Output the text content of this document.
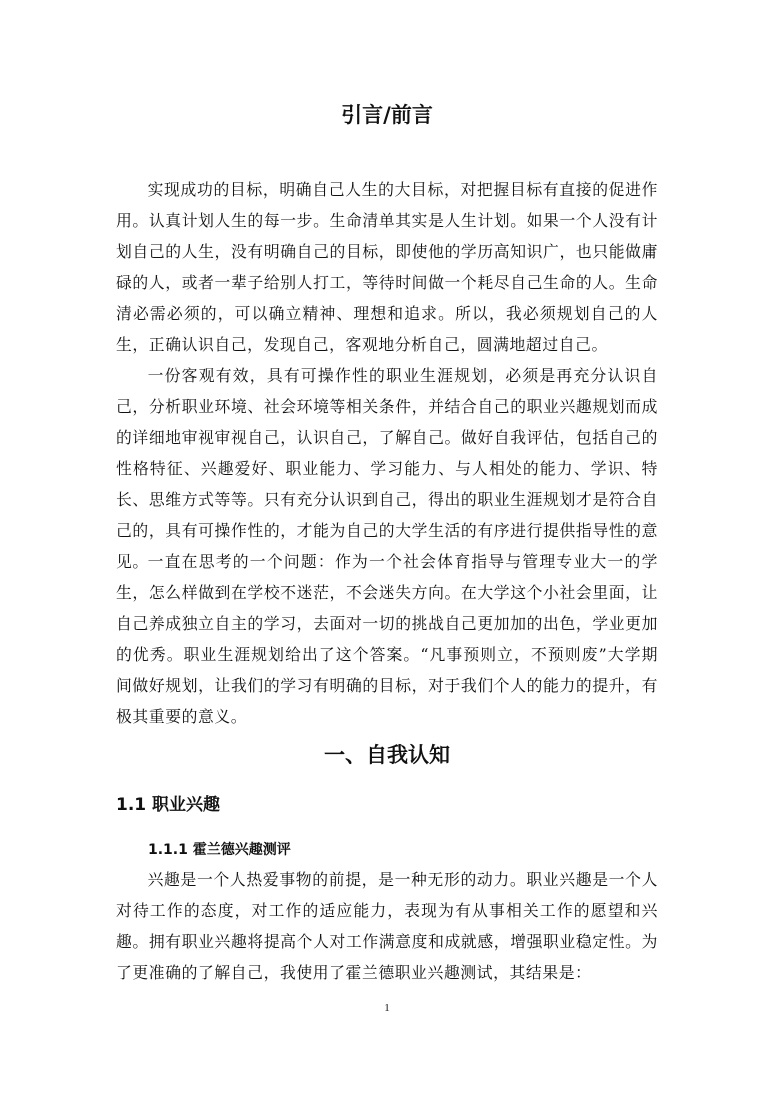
引言/前言

实现成功的目标，明确自己人生的大目标，对把握目标有直接的促进作用。认真计划人生的每一步。生命清单其实是人生计划。如果一个人没有计划自己的人生，没有明确自己的目标，即使他的学历高知识广，也只能做庸碌的人，或者一辈子给别人打工，等待时间做一个耗尽自己生命的人。生命清必需必须的，可以确立精神、理想和追求。所以，我必须规划自己的人生，正确认识自己，发现自己，客观地分析自己，圆满地超过自己。

一份客观有效，具有可操作性的职业生涯规划，必须是再充分认识自己，分析职业环境、社会环境等相关条件，并结合自己的职业兴趣规划而成的详细地审视审视自己，认识自己，了解自己。做好自我评估，包括自己的性格特征、兴趣爱好、职业能力、学习能力、与人相处的能力、学识、特长、思维方式等等。只有充分认识到自己，得出的职业生涯规划才是符合自己的，具有可操作性的，才能为自己的大学生活的有序进行提供指导性的意见。

一直在思考的一个问题：作为一个社会体育指导与管理专业大一的学生，怎么样做到在学校不迷茫，不会迷失方向。在大学这个小社会里面，让自己养成独立自主的学习，去面对一切的挑战自己更加加的出色，学业更加的优秀。职业生涯规划给出了这个答案。“凡事预则立，不预则废”大学期间做好规划，让我们的学习有明确的目标，对于我们个人的能力的提升，有极其重要的意义。

一、自我认知
1.1 职业兴趣
1.1.1 霍兰德兴趣测评

兴趣是一个人热爱事物的前提，是一种无形的动力。职业兴趣是一个人对待工作的态度，对工作的适应能力，表现为有从事相关工作的愿望和兴趣。拥有职业兴趣将提高个人对工作满意度和成就感，增强职业稳定性。为了更准确的了解自己，我使用了霍兰德职业兴趣测试，其结果是：

1
